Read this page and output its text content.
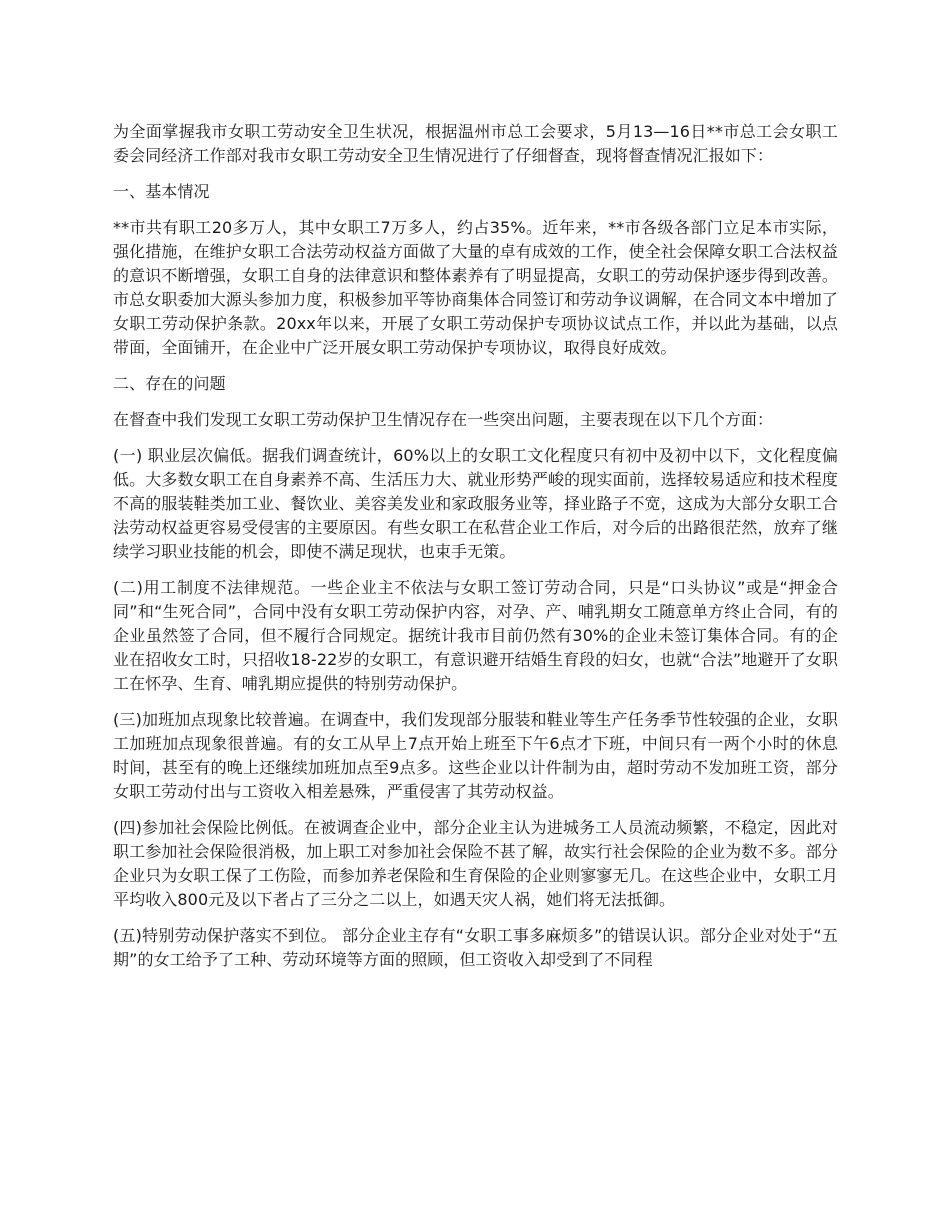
为全面掌握我市女职工劳动安全卫生状况，根据温州市总工会要求，5月13—16日**市总工会女职工委会同经济工作部对我市女职工劳动安全卫生情况进行了仔细督查，现将督查情况汇报如下：

一、基本情况

**市共有职工20多万人，其中女职工7万多人，约占35%。近年来，**市各级各部门立足本市实际，强化措施，在维护女职工合法劳动权益方面做了大量的卓有成效的工作，使全社会保障女职工合法权益的意识不断增强，女职工自身的法律意识和整体素养有了明显提高，女职工的劳动保护逐步得到改善。市总女职委加大源头参加力度，积极参加平等协商集体合同签订和劳动争议调解，在合同文本中增加了女职工劳动保护条款。20xx年以来，开展了女职工劳动保护专项协议试点工作，并以此为基础，以点带面，全面铺开，在企业中广泛开展女职工劳动保护专项协议，取得良好成效。

二、存在的问题

在督查中我们发现工女职工劳动保护卫生情况存在一些突出问题，主要表现在以下几个方面：

(一) 职业层次偏低。据我们调查统计，60%以上的女职工文化程度只有初中及初中以下，文化程度偏低。大多数女职工在自身素养不高、生活压力大、就业形势严峻的现实面前，选择较易适应和技术程度不高的服装鞋类加工业、餐饮业、美容美发业和家政服务业等，择业路子不宽，这成为大部分女职工合法劳动权益更容易受侵害的主要原因。有些女职工在私营企业工作后，对今后的出路很茫然，放弃了继续学习职业技能的机会，即使不满足现状，也束手无策。

(二)用工制度不法律规范。一些企业主不依法与女职工签订劳动合同，只是“口头协议”或是“押金合同”和“生死合同”，合同中没有女职工劳动保护内容，对孕、产、哺乳期女工随意单方终止合同，有的企业虽然签了合同，但不履行合同规定。据统计我市目前仍然有30%的企业未签订集体合同。有的企业在招收女工时，只招收18-22岁的女职工，有意识避开结婚生育段的妇女，也就“合法”地避开了女职工在怀孕、生育、哺乳期应提供的特别劳动保护。

(三)加班加点现象比较普遍。在调查中，我们发现部分服装和鞋业等生产任务季节性较强的企业，女职工加班加点现象很普遍。有的女工从早上7点开始上班至下午6点才下班，中间只有一两个小时的休息时间，甚至有的晚上还继续加班加点至9点多。这些企业以计件制为由，超时劳动不发加班工资，部分女职工劳动付出与工资收入相差悬殊，严重侵害了其劳动权益。

(四)参加社会保险比例低。在被调查企业中，部分企业主认为进城务工人员流动频繁，不稳定，因此对职工参加社会保险很消极，加上职工对参加社会保险不甚了解，故实行社会保险的企业为数不多。部分企业只为女职工保了工伤险，而参加养老保险和生育保险的企业则寥寥无几。在这些企业中，女职工月平均收入800元及以下者占了三分之二以上，如遇天灾人祸，她们将无法抵御。

(五)特别劳动保护落实不到位。 部分企业主存有“女职工事多麻烦多”的错误认识。部分企业对处于“五期”的女工给予了工种、劳动环境等方面的照顾，但工资收入却受到了不同程
